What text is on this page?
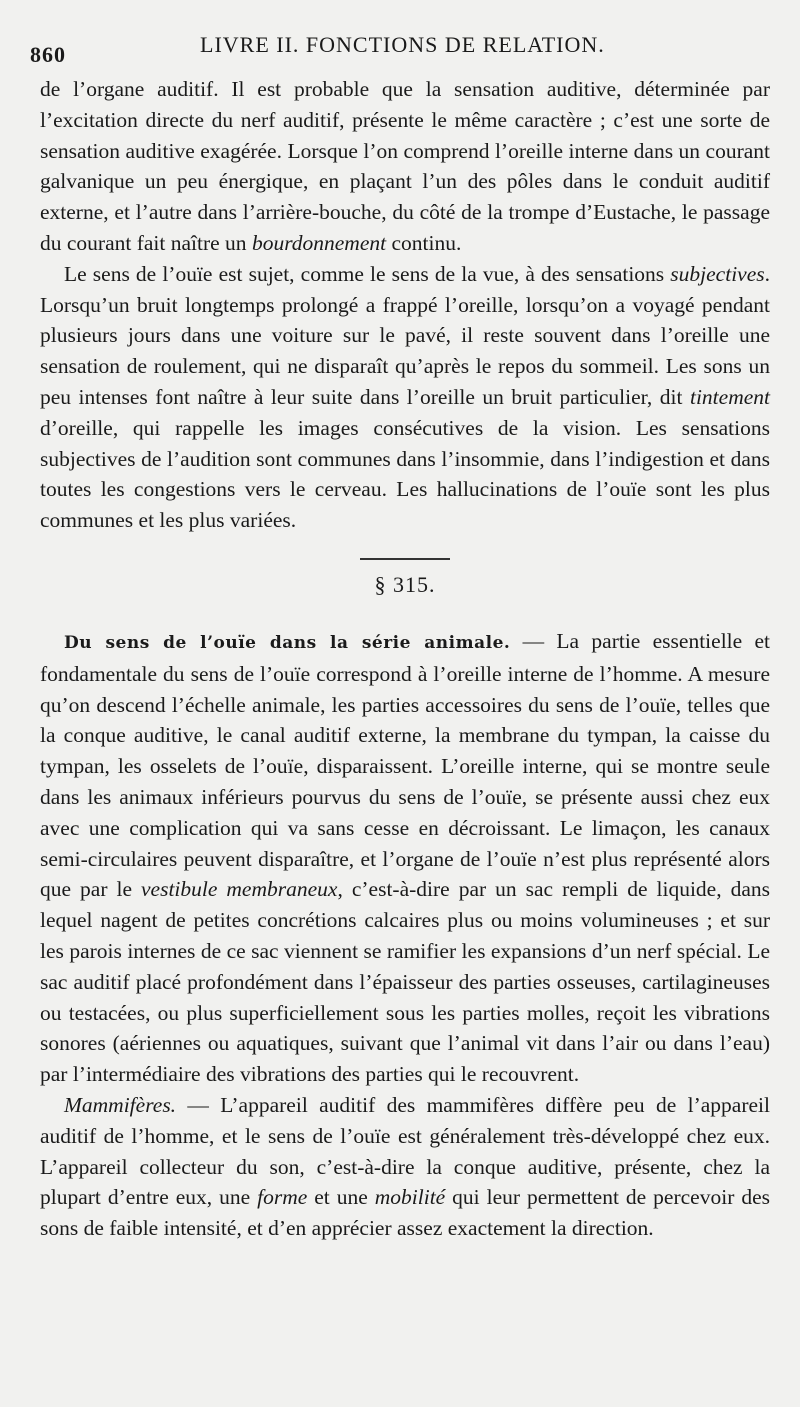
860	LIVRE II. FONCTIONS DE RELATION.

de l’organe auditif. Il est probable que la sensation auditive, déterminée par l’excitation directe du nerf auditif, présente le même caractère ; c’est une sorte de sensation auditive exagérée. Lorsque l’on comprend l’oreille interne dans un courant galvanique un peu énergique, en plaçant l’un des pôles dans le conduit auditif externe, et l’autre dans l’arrière-bouche, du côté de la trompe d’Eustache, le passage du courant fait naître un bourdonnement continu.

Le sens de l’ouïe est sujet, comme le sens de la vue, à des sensations subjectives. Lorsqu’un bruit longtemps prolongé a frappé l’oreille, lorsqu’on a voyagé pendant plusieurs jours dans une voiture sur le pavé, il reste souvent dans l’oreille une sensation de roulement, qui ne disparaît qu’après le repos du sommeil. Les sons un peu intenses font naître à leur suite dans l’oreille un bruit particulier, dit tintement d’oreille, qui rappelle les images consécutives de la vision. Les sensations subjectives de l’audition sont communes dans l’insommie, dans l’indigestion et dans toutes les congestions vers le cerveau. Les hallucinations de l’ouïe sont les plus communes et les plus variées.

§ 315.

Du sens de l’ouïe dans la série animale. — La partie essentielle et fondamentale du sens de l’ouïe correspond à l’oreille interne de l’homme. A mesure qu’on descend l’échelle animale, les parties accessoires du sens de l’ouïe, telles que la conque auditive, le canal auditif externe, la membrane du tympan, la caisse du tympan, les osselets de l’ouïe, disparaissent. L’oreille interne, qui se montre seule dans les animaux inférieurs pourvus du sens de l’ouïe, se présente aussi chez eux avec une complication qui va sans cesse en décroissant. Le limaçon, les canaux semi-circulaires peuvent disparaître, et l’organe de l’ouïe n’est plus représenté alors que par le vestibule membraneux, c’est-à-dire par un sac rempli de liquide, dans lequel nagent de petites concrétions calcaires plus ou moins volumineuses ; et sur les parois internes de ce sac viennent se ramifier les expansions d’un nerf spécial. Le sac auditif placé profondément dans l’épaisseur des parties osseuses, cartilagineuses ou testacées, ou plus superficiellement sous les parties molles, reçoit les vibrations sonores (aériennes ou aquatiques, suivant que l’animal vit dans l’air ou dans l’eau) par l’intermédiaire des vibrations des parties qui le recouvrent.

Mammifères. — L’appareil auditif des mammifères diffère peu de l’appareil auditif de l’homme, et le sens de l’ouïe est généralement très-développé chez eux. L’appareil collecteur du son, c’est-à-dire la conque auditive, présente, chez la plupart d’entre eux, une forme et une mobilité qui leur permettent de percevoir des sons de faible intensité, et d’en apprécier assez exactement la direction.
